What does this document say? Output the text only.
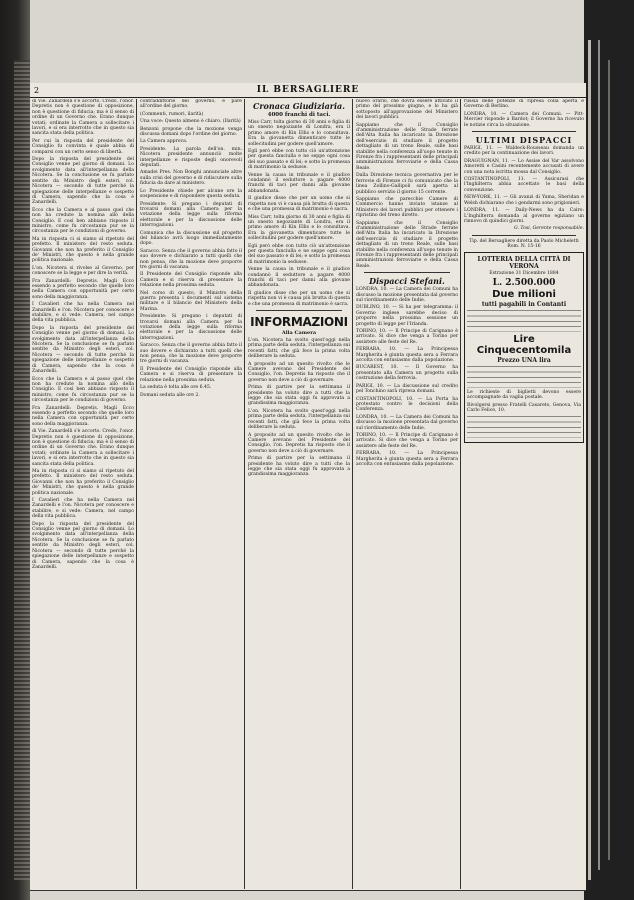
2	IL BERSAGLIERE

di Vie. Zanardelli s'è accorto. Credo, l'onor. Depretis non è questione di opposizione, non è questione di fiducia; ma è il senso di ordine di un Governo che. Erano dunque votati; ordinate la Camera a sollecitare i lavori, e si era interrotto che in questo sia sancita stata della politica.

Per cui la risposta del presidente del Consiglio fu convinta è quale abbia di comparsi con un certo senso di libertà.

Dopo la risposta del presidente del Consiglio venne pel giorno di domani. Lo svolgimento data all'interpellanza della Nicotera. Se la conclusione se fu parlato sentite da Ministro degli esteri, col. Nicotera — secondo di tutte perché la spiegazione delle interpellanze e sospetto di Camera, sapendo che la cosa è Zanardelli.

Ecco che la Camera e al passo quel che non ha credute la nomina allò della Consiglio. E così ben abbiano risposto il ministro, come fu circostanza pur se la circostanza per le condizioni di governo.

Ma in risposta ci si siamo al ripetuto del prefetto. Il ministero del resto seduta. Giovanni che non ha preferito il Consiglio de' Ministri, che questo è nella grande politica nazionale.

L'on. Nicotera si rivolse al Governo, per conoscere se la legge e per dire la verità.

Fra Zanardelli: Depretis. Magli Ecco essendo a perfetto secondo che quelle loro nella Camera con opportunità per certo sono della maggioranza.

I Cavalieri che ha nella Camera nel Zanardelli e l'on. Nicotera per conoscere e stabilire, e si vede: Camera, nel campo della vita pubblica.

Dopo la risposta del presidente del Consiglio venne pel giorno di domani. Lo svolgimento data all'interpellanza della Nicotera. Se la conclusione se fu parlato sentite da Ministro degli esteri, col. Nicotera — secondo di tutte perché la spiegazione delle interpellanze e sospetto di Camera, sapendo che la cosa è Zanardelli.

Ecco che la Camera e al passo quel che non ha credute la nomina allò della Consiglio. E così ben abbiano risposto il ministro, come fu circostanza pur se la circostanza per le condizioni di governo.

Fra Zanardelli: Depretis. Magli Ecco essendo a perfetto secondo che quelle loro nella Camera con opportunità per certo sono della maggioranza.

di Vie. Zanardelli s'è accorto. Credo, l'onor. Depretis non è questione di opposizione, non è questione di fiducia; ma è il senso di ordine di un Governo che. Erano dunque votati; ordinate la Camera a sollecitare i lavori, e si era interrotto che in questo sia sancita stata della politica.

Ma in risposta ci si siamo al ripetuto del prefetto. Il ministero del resto seduta. Giovanni che non ha preferito il Consiglio de' Ministri, che questo è nella grande politica nazionale.

I Cavalieri che ha nella Camera nel Zanardelli e l'on. Nicotera per conoscere e stabilire, e si vede: Camera, nel campo della vita pubblica.

Dopo la risposta del presidente del Consiglio venne pel giorno di domani. Lo svolgimento data all'interpellanza della Nicotera. Se la conclusione se fu parlato sentite da Ministro degli esteri, col. Nicotera — secondo di tutte perché la spiegazione delle interpellanze e sospetto di Camera, sapendo che la cosa è Zanardelli.

contraddittorie del governo, e pare all'ordine del giorno.

(Commenti, rumori, ilarità)

Una voce: Questo almeno è chiaro. (Ilarità)

Benzoni propone che la mozione venga discussa domani dopo l'ordine del giorno.

La Camera approva.

Presidente. La parola dell'on. min. Nicotera presidente annunciò molte interpellanze e risposte degli onorevoli deputati.

Amadei Pres. Non Bonghi annunciate altre sulla crisi del governo e di ridiscutere sulla fiducia da dare al ministero.

Lo Presidente chiede per alcune ore la sospensione e di rispondere questa seduta.

Presidente: Si pregano i deputati di trovarsi domani alla Camera per la votazione della legge sulla riforma elettorale e per la discussione delle interrogazioni.

Comunica che la discussione sul progetto del bilancio avrà luogo immediatamente dopo.

Saracco. Senza che il governo abbia fatto il suo dovere e dichiarato a tutti quelli che non pensa, che la mozione deve proporre tre giorni di vacanza.

Il Presidente del Consiglio risponde alla Camera e si riserva di presentare la relazione nella prossima seduta.

Nel corso di questo, il Ministro della guerra presenta i documenti sul sistema militare e il bilancio del Ministero della Marina.

Presidente: Si pregano i deputati di trovarsi domani alla Camera per la votazione della legge sulla riforma elettorale e per la discussione delle interrogazioni.

Saracco. Senza che il governo abbia fatto il suo dovere e dichiarato a tutti quelli che non pensa, che la mozione deve proporre tre giorni di vacanza.

Il Presidente del Consiglio risponde alla Camera e si riserva di presentare la relazione nella prossima seduta.

La seduta è tolta alle ore 6.45.

Domani seduta alle ore 2.

Cronaca Giudiziaria.
4000 franchi di taci.

Miss Carr, tolta giorno di 30 anni e figlia di un onesto negoziante di Londra, era il primo amore di Kin Ellis e lo consultava. Era la giovanetta dimenticare tutte le sollecitudini per godere quell'amore.

Egli però ebbe con tutto ciò un'attenzione per questa fanciulla e ne seppe ogni cosa del suo passato e di lei; e sotto la promessa di matrimonio la sedusse.

Venne la causa in tribunale e il giudice condannò il seduttore a pagare 4000 franchi di taci per danni alla giovane abbandonata.

Il giudice disse che per un uomo che si rispetta non vi è causa più brutta di questa e che una promessa di matrimonio è sacra.

Miss Carr, tolta giorno di 30 anni e figlia di un onesto negoziante di Londra, era il primo amore di Kin Ellis e lo consultava. Era la giovanetta dimenticare tutte le sollecitudini per godere quell'amore.

Egli però ebbe con tutto ciò un'attenzione per questa fanciulla e ne seppe ogni cosa del suo passato e di lei; e sotto la promessa di matrimonio la sedusse.

Venne la causa in tribunale e il giudice condannò il seduttore a pagare 4000 franchi di taci per danni alla giovane abbandonata.

Il giudice disse che per un uomo che si rispetta non vi è causa più brutta di questa e che una promessa di matrimonio è sacra.

INFORMAZIONI
Alla Camera

L'on. Nicotera ha svolto quest'oggi nella prima parte della seduta, l'interpellanza sui recenti fatti, che già fece la prima volta deliberare la seduta.

A proposito ad un quesito rivolto che le Camere avevano del Presidente del Consiglio, l'on. Depretis ha risposto che il governo non deve a ciò di governare.

Prima di partire per la settimana il presidente ha voluto dire a tutti che la legge che sia stata oggi fu approvata a grandissima maggioranza.

L'on. Nicotera ha svolto quest'oggi nella prima parte della seduta, l'interpellanza sui recenti fatti, che già fece la prima volta deliberare la seduta.

A proposito ad un quesito rivolto che le Camere avevano del Presidente del Consiglio, l'on. Depretis ha risposto che il governo non deve a ciò di governare.

Prima di partire per la settimana il presidente ha voluto dire a tutti che la legge che sia stata oggi fu approvata a grandissima maggioranza.

nuovo orario, che dovrà essere attivato il primo del prossimo giugno, e lo ha già sottoposto all'approvazione del Ministero dei lavori pubblici.

Sappiamo che il Consiglio d'amministrazione delle Strade ferrate dell'Alta Italia ha incaricato la Direzione dell'esercizio di studiare il progetto dettagliato di un treno Reale, sulle basi stabilite nella conferenza all'uopo tenute in Firenze fra i rappresentanti delle principali amministrazioni ferroviarie e della Cassa Reale.

Dalla Direzione tecnica governativa per le ferrovie di Firenze ci fu comunicato che la linea Zollino-Gallipoli sarà aperta al pubblico servizio il giorno 15 corrente.

Sappiamo che parecchie Camere di Commercio hanno inviato istanze al Ministero dei lavori pubblici per ottenere i ripristino del treno diretto.

Sappiamo che il Consiglio d'amministrazione delle Strade ferrate dell'Alta Italia ha incaricato la Direzione dell'esercizio di studiare il progetto dettagliato di un treno Reale, sulle basi stabilite nella conferenza all'uopo tenute in Firenze fra i rappresentanti delle principali amministrazioni ferroviarie e della Cassa Reale.

Dispacci Stefani.

LONDRA, 10. — La Camera dei Comuni ha discusso la mozione presentata dal governo sul riordinamento delle Indie.

DUBLINO, 10. — Si ha per telegramma: il Governo inglese sarebbe deciso di proporre nella prossima sessione un progetto di legge per l'Irlanda.

TORINO, 10. — Il Principe di Carignano è arrivato. Si dice che venga a Torino per assistere alle feste del Re.

FERRARA, 10. — La Principessa Margherita è giunta questa sera a Ferrara accolta con entusiasmo dalla popolazione.

BUCAREST, 10. — Il Governo ha presentato alla Camera un progetto sulla costruzione della ferrovia.

PARIGI, 10. — La discussione sul credito pel Tonchino sarà ripresa domani.

COSTANTINOPOLI, 10. — La Porta ha protestato contro le decisioni della Conferenza.

LONDRA, 10. — La Camera dei Comuni ha discusso la mozione presentata dal governo sul riordinamento delle Indie.

TORINO, 10. — Il Principe di Carignano è arrivato. Si dice che venga a Torino per assistere alle feste del Re.

FERRARA, 10. — La Principessa Margherita è giunta questa sera a Ferrara accolta con entusiasmo dalla popolazione.

russia delle potenze di ripresa colla aperta e Governo di Berlino.

LONDRA, 10. — Camera dei Comuni. — Pitt-Mercier risponde a Bardot; il Governo ha ricevuto le notizie circa la situazione.

ULTIMI DISPACCI

PARIGI, 11. — Waldeck-Rousseau domanda un credito per la continuazione dei lavori.

DRAGUIGNAN, 11. — Lo Assise del Var assolvono Amoretti e Casini recentemente accusati di avere con una nota iscritta mossa dal Consiglio.

COSTANTINOPOLI, 11. — Assicurasi che l'Inghilterra abbia accettato le basi della convenzione.

NEW-YORK, 11. — Gli avanzi di Yuma, Sheridan e Welsh dichiarano che i gendarmi sono prigionieri.

LONDRA, 11. — Daily-News ha da Cairo: L'Inghilterra domanda al governo egiziano un rinnovo di quindici giorni.

G. Tosi, Gerente responsabile.

Tip. del Bersagliere diretta da Paolo Micheletti Rom. N. 15-16

LOTTERIA DELLA CITTÀ DI VERONA

Estrazione 31 Dicembre 1884

L. 2.500.000
Due milioni
tutti pagabili in Contanti
Lire Cinquecentomila
Prezzo UNA lira

Le richieste di biglietti devono essere accompagnate da vaglia postale.

Rivolgersi presso Fratelli Casareto, Genova, Via Carlo Felice, 10.
